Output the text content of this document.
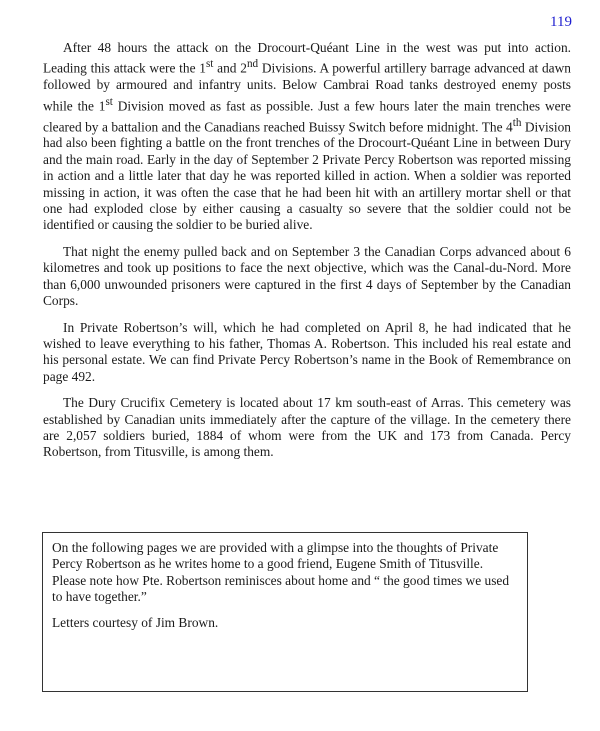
119

After 48 hours the attack on the Drocourt-Quéant Line in the west was put into action. Leading this attack were the 1st and 2nd Divisions. A powerful artillery barrage advanced at dawn followed by armoured and infantry units. Below Cambrai Road tanks destroyed enemy posts while the 1st Division moved as fast as possible. Just a few hours later the main trenches were cleared by a battalion and the Canadians reached Buissy Switch before midnight. The 4th Division had also been fighting a battle on the front trenches of the Drocourt-Quéant Line in between Dury and the main road. Early in the day of September 2 Private Percy Robertson was reported missing in action and a little later that day he was reported killed in action. When a soldier was reported missing in action, it was often the case that he had been hit with an artillery mortar shell or that one had exploded close by either causing a casualty so severe that the soldier could not be identified or causing the soldier to be buried alive.

That night the enemy pulled back and on September 3 the Canadian Corps advanced about 6 kilometres and took up positions to face the next objective, which was the Canal-du-Nord. More than 6,000 unwounded prisoners were captured in the first 4 days of September by the Canadian Corps.

In Private Robertson’s will, which he had completed on April 8, he had indicated that he wished to leave everything to his father, Thomas A. Robertson. This included his real estate and his personal estate. We can find Private Percy Robertson’s name in the Book of Remembrance on page 492.

The Dury Crucifix Cemetery is located about 17 km south-east of Arras. This cemetery was established by Canadian units immediately after the capture of the village. In the cemetery there are 2,057 soldiers buried, 1884 of whom were from the UK and 173 from Canada. Percy Robertson, from Titusville, is among them.

On the following pages we are provided with a glimpse into the thoughts of Private Percy Robertson as he writes home to a good friend, Eugene Smith of Titusville. Please note how Pte. Robertson reminisces about home and “ the good times we used to have together.”

Letters courtesy of Jim Brown.
